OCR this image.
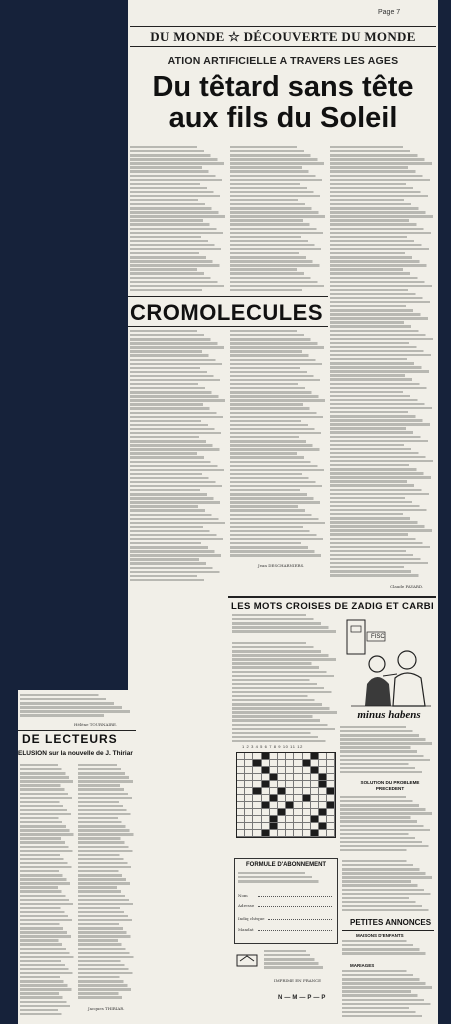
Page 7
DU MONDE ☆ DÉCOUVERTE DU MONDE
ATION ARTIFICIELLE A TRAVERS LES AGES
Du têtard sans tête
aux fils du Soleil
Claude FAYARD.
CROMOLECULES
Jean DESCHARNIERS.
LES MOTS CROISES DE ZADIG ET CARBI
FISC
minus habens
1 2 3 4 5 6 7 8 9 10 11 12
SOLUTION DU PROBLEME PRECEDENT
FORMULE D'ABONNEMENT
Nom
Adresse
Indiq chèque
Mandat
IMPRIME EN FRANCE
PETITES ANNONCES
MAISONS D'ENFANTS
MARIAGES
N—M—P—P
Hélène TOURNAIRE.
DE LECTEURS
ELUSION sur la nouvelle de J. Thiriar
Jacques THIRIAR.
